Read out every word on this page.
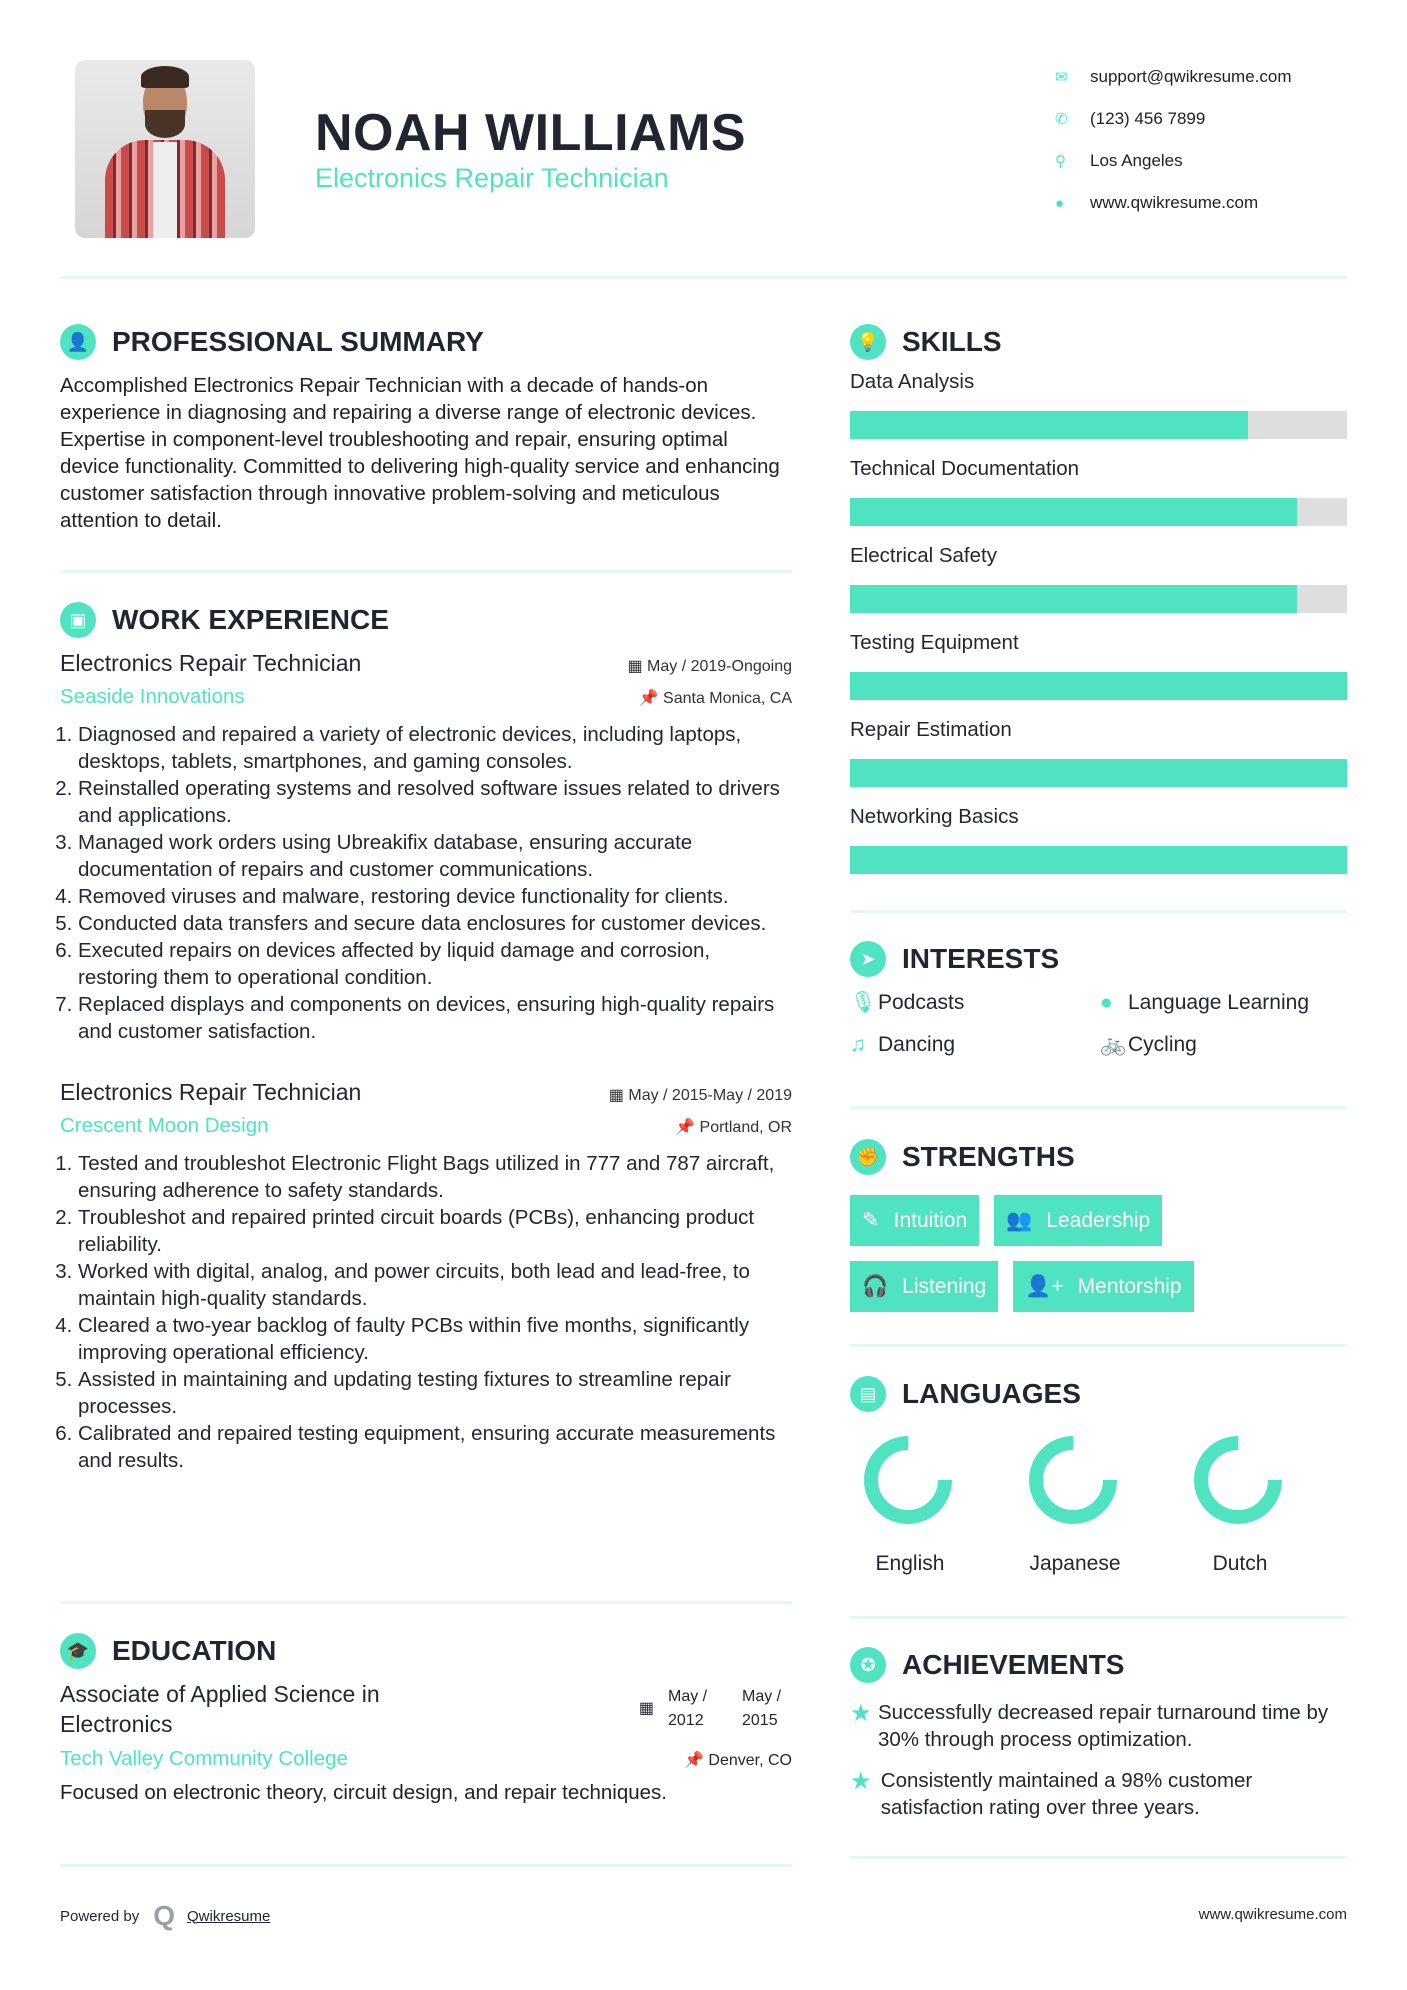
NOAH WILLIAMS
Electronics Repair Technician
✉	support@qwikresume.com
✆	(123) 456 7899
⚲	Los Angeles
●	www.qwikresume.com
👤 PROFESSIONAL SUMMARY

Accomplished Electronics Repair Technician with a decade of hands-on experience in diagnosing and repairing a diverse range of electronic devices. Expertise in component-level troubleshooting and repair, ensuring optimal device functionality. Committed to delivering high-quality service and enhancing customer satisfaction through innovative problem-solving and meticulous attention to detail.

▣ WORK EXPERIENCE
Electronics Repair Technician	▦ May / 2019-Ongoing
Seaside Innovations	📌 Santa Monica, CA
1. Diagnosed and repaired a variety of electronic devices, including laptops, desktops, tablets, smartphones, and gaming consoles.
2. Reinstalled operating systems and resolved software issues related to drivers and applications.
3. Managed work orders using Ubreakifix database, ensuring accurate documentation of repairs and customer communications.
4. Removed viruses and malware, restoring device functionality for clients.
5. Conducted data transfers and secure data enclosures for customer devices.
6. Executed repairs on devices affected by liquid damage and corrosion, restoring them to operational condition.
7. Replaced displays and components on devices, ensuring high-quality repairs and customer satisfaction.
Electronics Repair Technician	▦ May / 2015-May / 2019
Crescent Moon Design	📌 Portland, OR
1. Tested and troubleshot Electronic Flight Bags utilized in 777 and 787 aircraft, ensuring adherence to safety standards.
2. Troubleshot and repaired printed circuit boards (PCBs), enhancing product reliability.
3. Worked with digital, analog, and power circuits, both lead and lead-free, to maintain high-quality standards.
4. Cleared a two-year backlog of faulty PCBs within five months, significantly improving operational efficiency.
5. Assisted in maintaining and updating testing fixtures to streamline repair processes.
6. Calibrated and repaired testing equipment, ensuring accurate measurements and results.
🎓 EDUCATION
Associate of Applied Science in Electronics
▦
May / 2012
May / 2015
Tech Valley Community College	📌 Denver, CO

Focused on electronic theory, circuit design, and repair techniques.

Powered by Q Qwikresume	www.qwikresume.com
💡 SKILLS
Data Analysis
Technical Documentation
Electrical Safety
Testing Equipment
Repair Estimation
Networking Basics
➤ INTERESTS
🎙 Podcasts	● Language Learning
♫ Dancing	🚲 Cycling
✊ STRENGTHS
✎ Intuition 👥 Leadership
🎧 Listening 👤+ Mentorship
▤ LANGUAGES
English	Japanese	Dutch
✪ ACHIEVEMENTS
★ Successfully decreased repair turnaround time by 30% through process optimization.
★ Consistently maintained a 98% customer satisfaction rating over three years.
